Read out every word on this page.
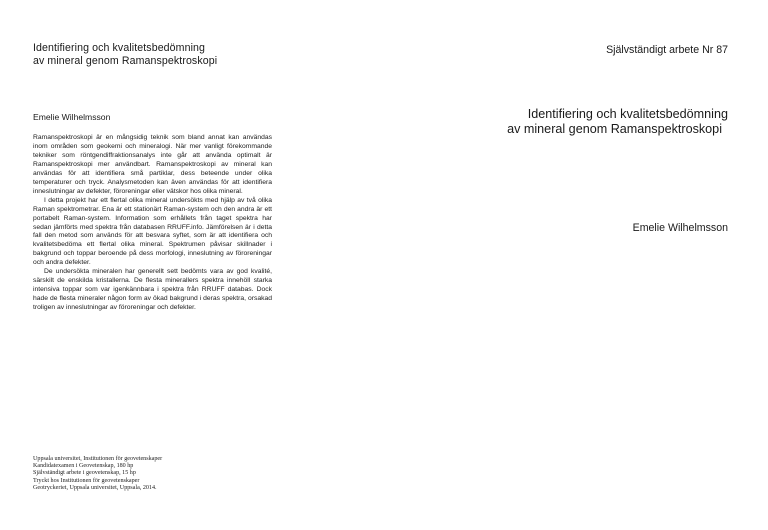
Identifiering och kvalitetsbedömning
av mineral genom Ramanspektroskopi
Emelie Wilhelmsson

Ramanspektroskopi är en mångsidig teknik som bland annat kan användas inom områden som geokemi och mineralogi. När mer vanligt förekommande tekniker som röntgendiffraktionsanalys inte går att använda optimalt är Ramanspektroskopi mer användbart. Ramanspektroskopi av mineral kan användas för att identifiera små partiklar, dess beteende under olika temperaturer och tryck. Analysmetoden kan även användas för att identifiera inneslutningar av defekter, föroreningar eller vätskor hos olika mineral.

I detta projekt har ett flertal olika mineral undersökts med hjälp av två olika Raman spektrometrar. Ena är ett stationärt Raman-system och den andra är ett portabelt Raman-system. Information som erhållets från taget spektra har sedan jämförts med spektra från databasen RRUFF.info. Jämförelsen är i detta fall den metod som används för att besvara syftet, som är att identifiera och kvalitetsbedöma ett flertal olika mineral. Spektrumen påvisar skillnader i bakgrund och toppar beroende på dess morfologi, inneslutning av föroreningar och andra defekter.

De undersökta mineralen har generellt sett bedömts vara av god kvalité, särskilt de enskilda kristallerna. De flesta minerallers spektra innehöll starka intensiva toppar som var igenkännbara i spektra från RRUFF databas. Dock hade de flesta mineraler någon form av ökad bakgrund i deras spektra, orsakad troligen av inneslutningar av föroreningar och defekter.

Uppsala universitet, Institutionen för geovetenskaper
Kandidatexamen i Geovetenskap, 180 hp
Självständigt arbete i geovetenskap, 15 hp
Tryckt hos Institutionen för geovetenskaper
Geotryckeriet, Uppsala universitet, Uppsala, 2014.
Självständigt arbete Nr 87
Identifiering och kvalitetsbedömning
av mineral genom Ramanspektroskopi
Emelie Wilhelmsson
